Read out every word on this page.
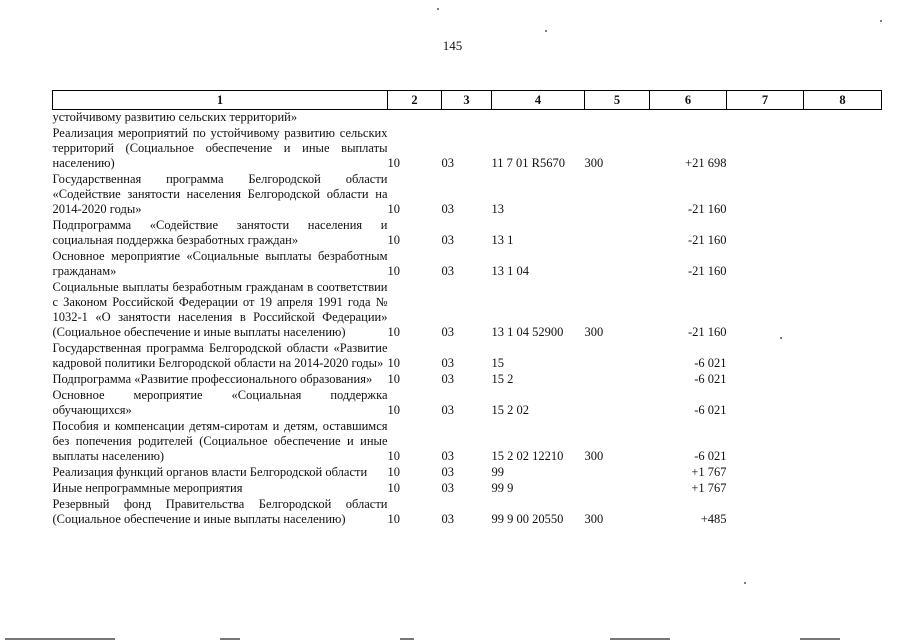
145
1	2	3	4	5	6	7	8
устойчивому развитию сельских территорий»							
Реализация мероприятий по устойчивому развитию сельских территорий (Социальное обеспечение и иные выплаты населению)	10	03	11 7 01 R5670	300	+21 698		
Государственная программа Белгородской области «Содействие занятости населения Белгородской области на 2014-2020 годы»	10	03	13		-21 160		
Подпрограмма «Содействие занятости населения и социальная поддержка безработных граждан»	10	03	13 1		-21 160		
Основное мероприятие «Социальные выплаты безработным гражданам»	10	03	13 1 04		-21 160		
Социальные выплаты безработным гражданам в соответствии с Законом Российской Федерации от 19 апреля 1991 года № 1032-1 «О занятости населения в Российской Федерации» (Социальное обеспечение и иные выплаты населению)	10	03	13 1 04 52900	300	-21 160		
Государственная программа Белгородской области «Развитие кадровой политики Белгородской области на 2014-2020 годы»	10	03	15		-6 021		
Подпрограмма «Развитие профессионального образования»	10	03	15 2		-6 021		
Основное мероприятие «Социальная поддержка обучающихся»	10	03	15 2 02		-6 021		
Пособия и компенсации детям-сиротам и детям, оставшимся без попечения родителей (Социальное обеспечение и иные выплаты населению)	10	03	15 2 02 12210	300	-6 021		
Реализация функций органов власти Белгородской области	10	03	99		+1 767		
Иные непрограммные мероприятия	10	03	99 9		+1 767		
Резервный фонд Правительства Белгородской области (Социальное обеспечение и иные выплаты населению)	10	03	99 9 00 20550	300	+485		
